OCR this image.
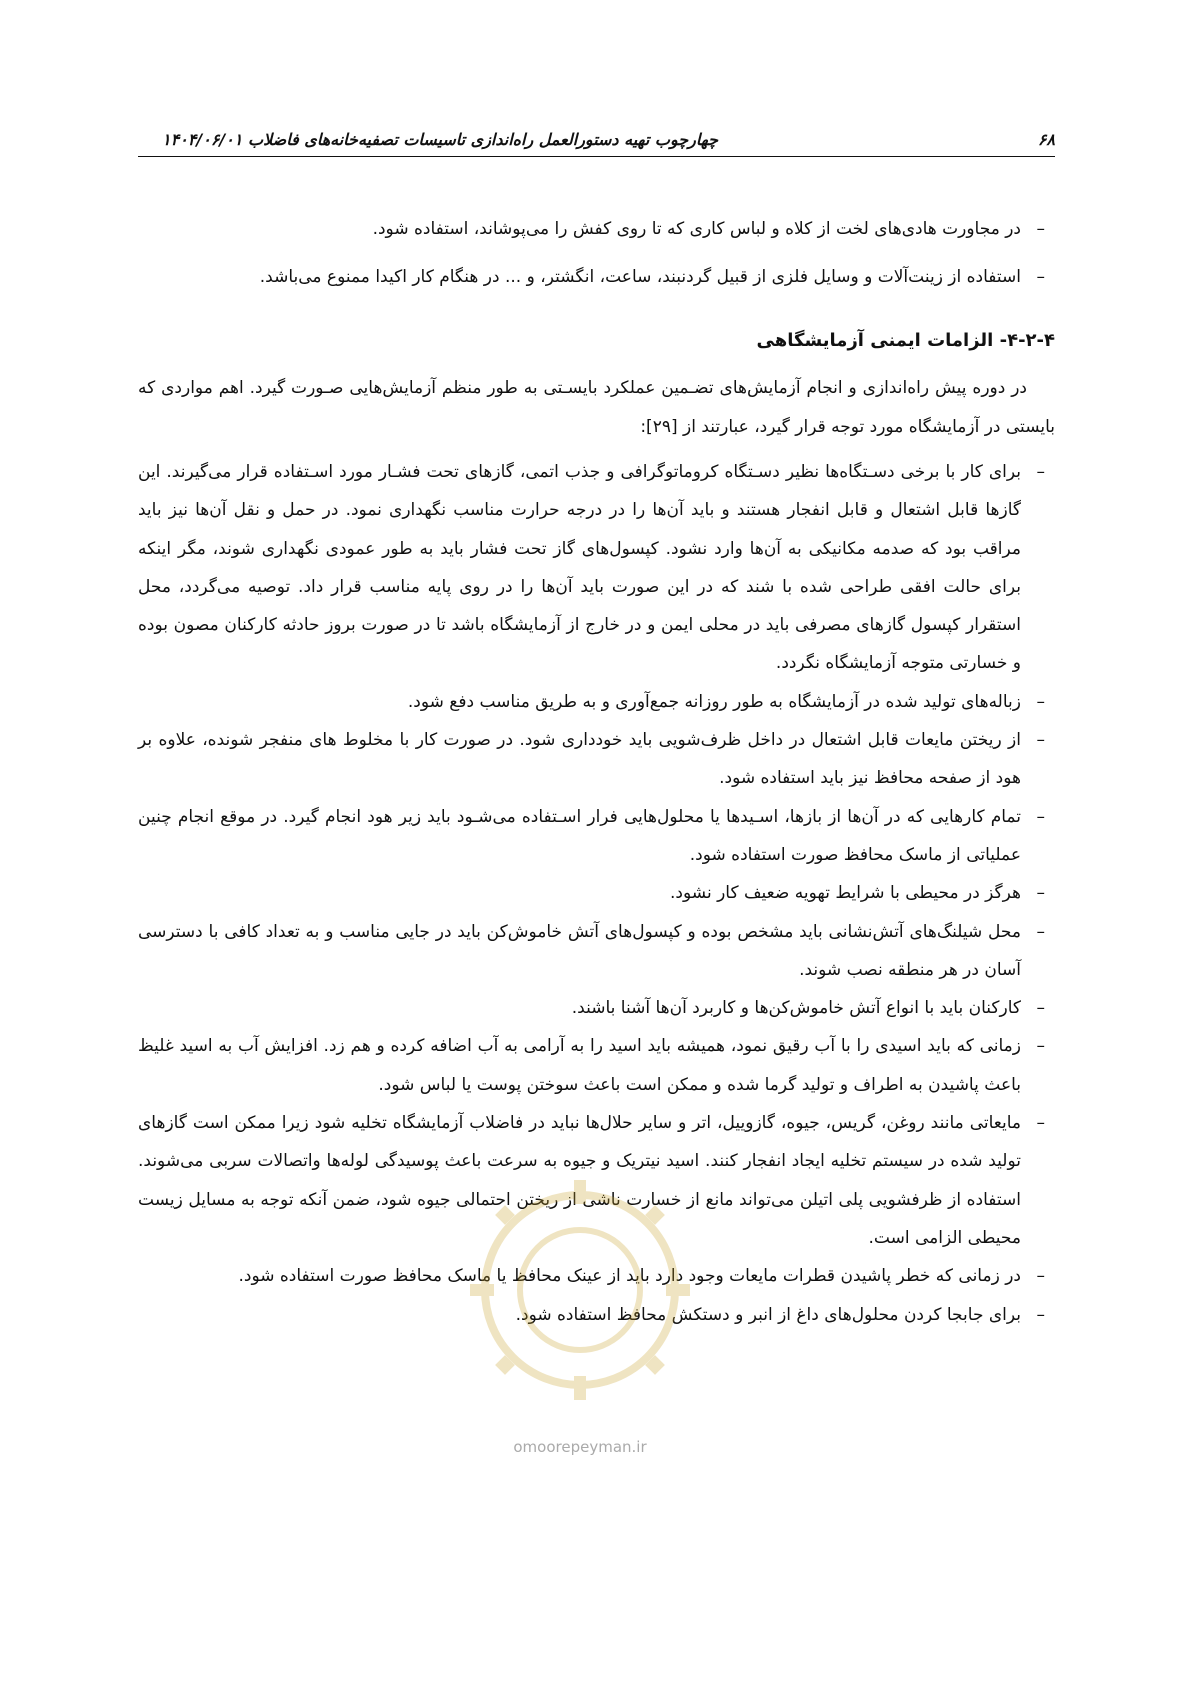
۶۸
چهارچوب تهیه دستورالعمل راه‌اندازی تاسیسات تصفیه‌خانه‌های فاضلاب ۱۴۰۴/۰۶/۰۱
–
در مجاورت هادی‌های لخت از کلاه و لباس کاری که تا روی کفش را می‌پوشاند، استفاده شود.
–
استفاده از زینت‌آلات و وسایل فلزی از قبیل گردنبند، ساعت، انگشتر، و ... در هنگام کار اکیدا ممنوع می‌باشد.
۴-۲-۴- الزامات ایمنی آزمایشگاهی

در دوره پیش راه‌اندازی و انجام آزمایش‌های تضـمین عملکرد بایسـتی به طور منظم آزمایش‌هایی صـورت گیرد. اهم مواردی که بایستی در آزمایشگاه مورد توجه قرار گیرد، عبارتند از [۲۹]:

–
برای کار با برخی دسـتگاه‌ها نظیر دسـتگاه کروماتوگرافی و جذب اتمی، گازهای تحت فشـار مورد اسـتفاده قرار می‌گیرند. این گازها قابل اشتعال و قابل انفجار هستند و باید آن‌ها را در درجه حرارت مناسب نگهداری نمود. در حمل و نقل آن‌ها نیز باید مراقب بود که صدمه مکانیکی به آن‌ها وارد نشود. کپسول‌های گاز تحت فشار باید به طور عمودی نگهداری شوند، مگر اینکه برای حالت افقی طراحی شده با شند که در این صورت باید آن‌ها را در روی پایه مناسب قرار داد. توصیه می‌گردد، محل استقرار کپسول گازهای مصرفی باید در محلی ایمن و در خارج از آزمایشگاه باشد تا در صورت بروز حادثه کارکنان مصون بوده و خسارتی متوجه آزمایشگاه نگردد.
–
زباله‌های تولید شده در آزمایشگاه به طور روزانه جمع‌آوری و به طریق مناسب دفع شود.
–
از ریختن مایعات قابل اشتعال در داخل ظرف‌شویی باید خودداری شود. در صورت کار با مخلوط های منفجر شونده، علاوه بر هود از صفحه محافظ نیز باید استفاده شود.
–
تمام کارهایی که در آن‌ها از بازها، اسـیدها یا محلول‌هایی فرار اسـتفاده می‌شـود باید زیر هود انجام گیرد. در موقع انجام چنین عملیاتی از ماسک محافظ صورت استفاده شود.
–
هرگز در محیطی با شرایط تهویه ضعیف کار نشود.
–
محل شیلنگ‌های آتش‌نشانی باید مشخص بوده و کپسول‌های آتش خاموش‌کن باید در جایی مناسب و به تعداد کافی با دسترسی آسان در هر منطقه نصب شوند.
–
کارکنان باید با انواع آتش خاموش‌کن‌ها و کاربرد آن‌ها آشنا باشند.
–
زمانی که باید اسیدی را با آب رقیق نمود، همیشه باید اسید را به آرامی به آب اضافه کرده و هم زد. افزایش آب به اسید غلیظ باعث پاشیدن به اطراف و تولید گرما شده و ممکن است باعث سوختن پوست یا لباس شود.
–
مایعاتی مانند روغن، گریس، جیوه، گازوییل، اتر و سایر حلال‌ها نباید در فاضلاب آزمایشگاه تخلیه شود زیرا ممکن است گازهای تولید شده در سیستم تخلیه ایجاد انفجار کنند. اسید نیتریک و جیوه به سرعت باعث پوسیدگی لوله‌ها واتصالات سربی می‌شوند. استفاده از ظرفشویی پلی اتیلن می‌تواند مانع از خسارت ناشی از ریختن احتمالی جیوه شود، ضمن آنکه توجه به مسایل زیست محیطی الزامی است.
–
در زمانی که خطر پاشیدن قطرات مایعات وجود دارد باید از عینک محافظ یا ماسک محافظ صورت استفاده شود.
–
برای جابجا کردن محلول‌های داغ از انبر و دستکش محافظ استفاده شود.
omoorepeyman.ir
